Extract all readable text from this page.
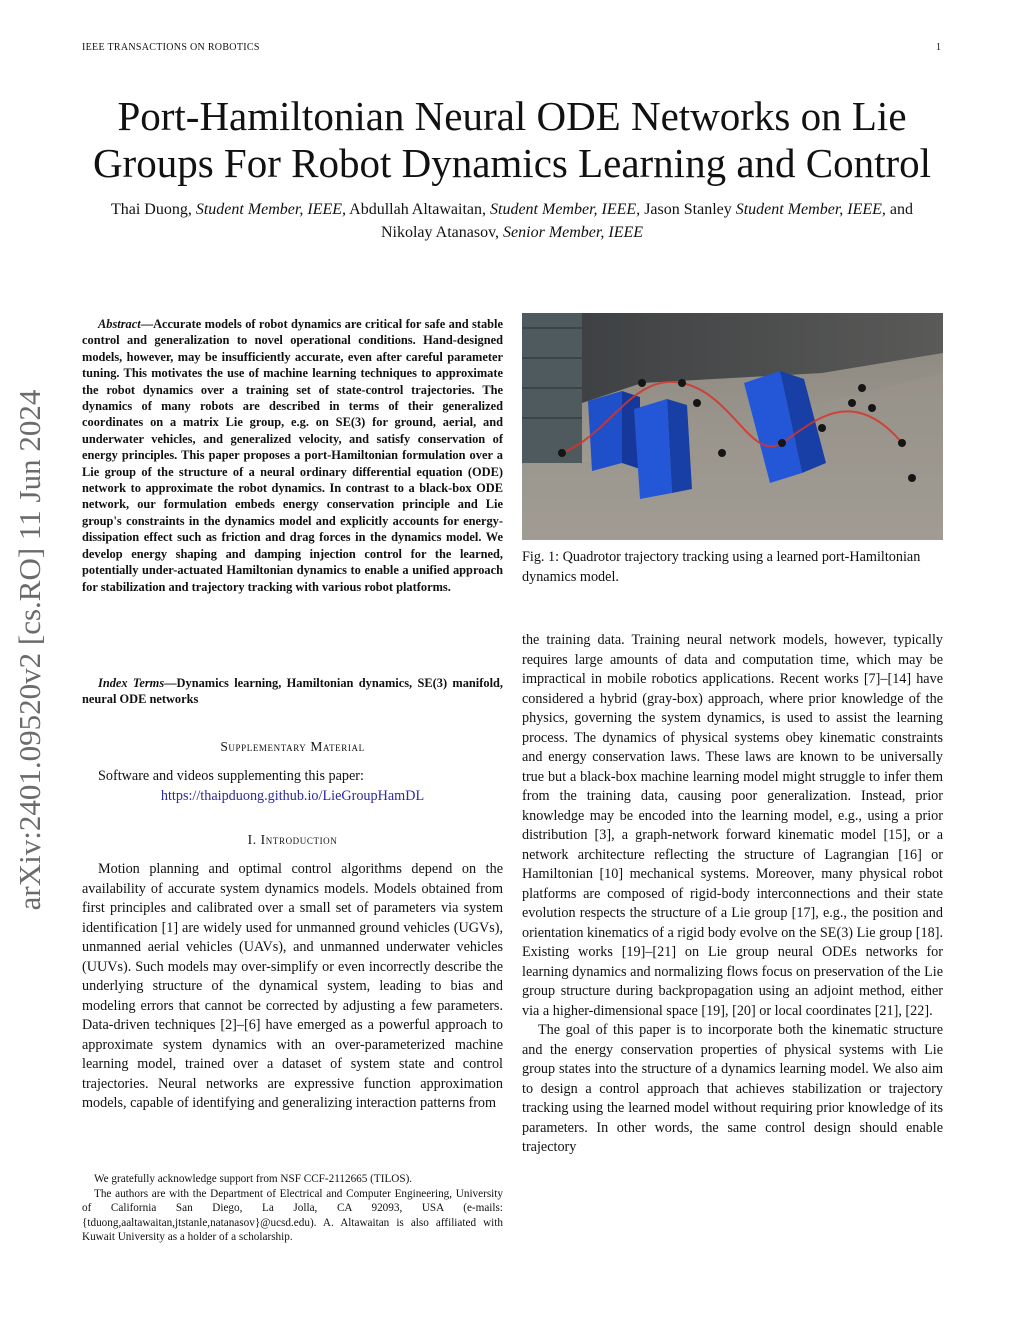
IEEE TRANSACTIONS ON ROBOTICS	1
arXiv:2401.09520v2 [cs.RO] 11 Jun 2024
Port-Hamiltonian Neural ODE Networks on Lie
Groups For Robot Dynamics Learning and Control
Thai Duong, Student Member, IEEE, Abdullah Altawaitan, Student Member, IEEE, Jason Stanley Student Member, IEEE, and Nikolay Atanasov, Senior Member, IEEE
Abstract—Accurate models of robot dynamics are critical for safe and stable control and generalization to novel operational conditions. Hand-designed models, however, may be insufficiently accurate, even after careful parameter tuning. This motivates the use of machine learning techniques to approximate the robot dynamics over a training set of state-control trajectories. The dynamics of many robots are described in terms of their generalized coordinates on a matrix Lie group, e.g. on SE(3) for ground, aerial, and underwater vehicles, and generalized velocity, and satisfy conservation of energy principles. This paper proposes a port-Hamiltonian formulation over a Lie group of the structure of a neural ordinary differential equation (ODE) network to approximate the robot dynamics. In contrast to a black-box ODE network, our formulation embeds energy conservation principle and Lie group's constraints in the dynamics model and explicitly accounts for energy-dissipation effect such as friction and drag forces in the dynamics model. We develop energy shaping and damping injection control for the learned, potentially under-actuated Hamiltonian dynamics to enable a unified approach for stabilization and trajectory tracking with various robot platforms.
Index Terms—Dynamics learning, Hamiltonian dynamics, SE(3) manifold, neural ODE networks
Supplementary Material
Software and videos supplementing this paper:
https://thaipduong.github.io/LieGroupHamDL
I. Introduction

Motion planning and optimal control algorithms depend on the availability of accurate system dynamics models. Models obtained from first principles and calibrated over a small set of parameters via system identification [1] are widely used for unmanned ground vehicles (UGVs), unmanned aerial vehicles (UAVs), and unmanned underwater vehicles (UUVs). Such models may over-simplify or even incorrectly describe the underlying structure of the dynamical system, leading to bias and modeling errors that cannot be corrected by adjusting a few parameters. Data-driven techniques [2]–[6] have emerged as a powerful approach to approximate system dynamics with an over-parameterized machine learning model, trained over a dataset of system state and control trajectories. Neural networks are expressive function approximation models, capable of identifying and generalizing interaction patterns from

We gratefully acknowledge support from NSF CCF-2112665 (TILOS).

The authors are with the Department of Electrical and Computer Engineering, University of California San Diego, La Jolla, CA 92093, USA (e-mails: {tduong,aaltawaitan,jtstanle,natanasov}@ucsd.edu). A. Altawaitan is also affiliated with Kuwait University as a holder of a scholarship.

Fig. 1: Quadrotor trajectory tracking using a learned port-Hamiltonian dynamics model.

the training data. Training neural network models, however, typically requires large amounts of data and computation time, which may be impractical in mobile robotics applications. Recent works [7]–[14] have considered a hybrid (gray-box) approach, where prior knowledge of the physics, governing the system dynamics, is used to assist the learning process. The dynamics of physical systems obey kinematic constraints and energy conservation laws. These laws are known to be universally true but a black-box machine learning model might struggle to infer them from the training data, causing poor generalization. Instead, prior knowledge may be encoded into the learning model, e.g., using a prior distribution [3], a graph-network forward kinematic model [15], or a network architecture reflecting the structure of Lagrangian [16] or Hamiltonian [10] mechanical systems. Moreover, many physical robot platforms are composed of rigid-body interconnections and their state evolution respects the structure of a Lie group [17], e.g., the position and orientation kinematics of a rigid body evolve on the SE(3) Lie group [18]. Existing works [19]–[21] on Lie group neural ODEs networks for learning dynamics and normalizing flows focus on preservation of the Lie group structure during backpropagation using an adjoint method, either via a higher-dimensional space [19], [20] or local coordinates [21], [22].

The goal of this paper is to incorporate both the kinematic structure and the energy conservation properties of physical systems with Lie group states into the structure of a dynamics learning model. We also aim to design a control approach that achieves stabilization or trajectory tracking using the learned model without requiring prior knowledge of its parameters. In other words, the same control design should enable trajectory
